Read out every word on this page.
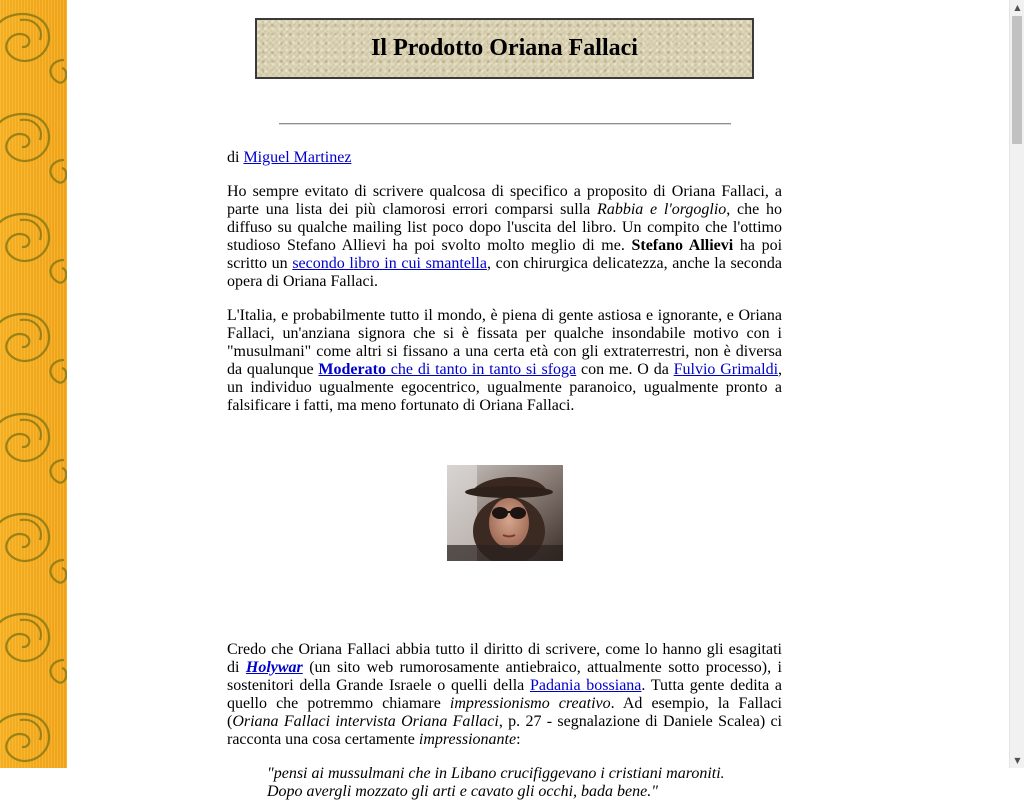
Il Prodotto Oriana Fallaci

di Miguel Martinez

Ho sempre evitato di scrivere qualcosa di specifico a proposito di Oriana Fallaci, a parte una lista dei più clamorosi errori comparsi sulla Rabbia e l'orgoglio, che ho diffuso su qualche mailing list poco dopo l'uscita del libro. Un compito che l'ottimo studioso Stefano Allievi ha poi svolto molto meglio di me. Stefano Allievi ha poi scritto un secondo libro in cui smantella, con chirurgica delicatezza, anche la seconda opera di Oriana Fallaci.

L'Italia, e probabilmente tutto il mondo, è piena di gente astiosa e ignorante, e Oriana Fallaci, un'anziana signora che si è fissata per qualche insondabile motivo con i "musulmani" come altri si fissano a una certa età con gli extraterrestri, non è diversa da qualunque Moderato che di tanto in tanto si sfoga con me. O da Fulvio Grimaldi, un individuo ugualmente egocentrico, ugualmente paranoico, ugualmente pronto a falsificare i fatti, ma meno fortunato di Oriana Fallaci.

Credo che Oriana Fallaci abbia tutto il diritto di scrivere, come lo hanno gli esagitati di Holywar (un sito web rumorosamente antiebraico, attualmente sotto processo), i sostenitori della Grande Israele o quelli della Padania bossiana. Tutta gente dedita a quello che potremmo chiamare impressionismo creativo. Ad esempio, la Fallaci (Oriana Fallaci intervista Oriana Fallaci, p. 27 - segnalazione di Daniele Scalea) ci racconta una cosa certamente impressionante:

"pensi ai mussulmani che in Libano crucifiggevano i cristiani maroniti.
Dopo avergli mozzato gli arti e cavato gli occhi, bada bene."
▲
▼
